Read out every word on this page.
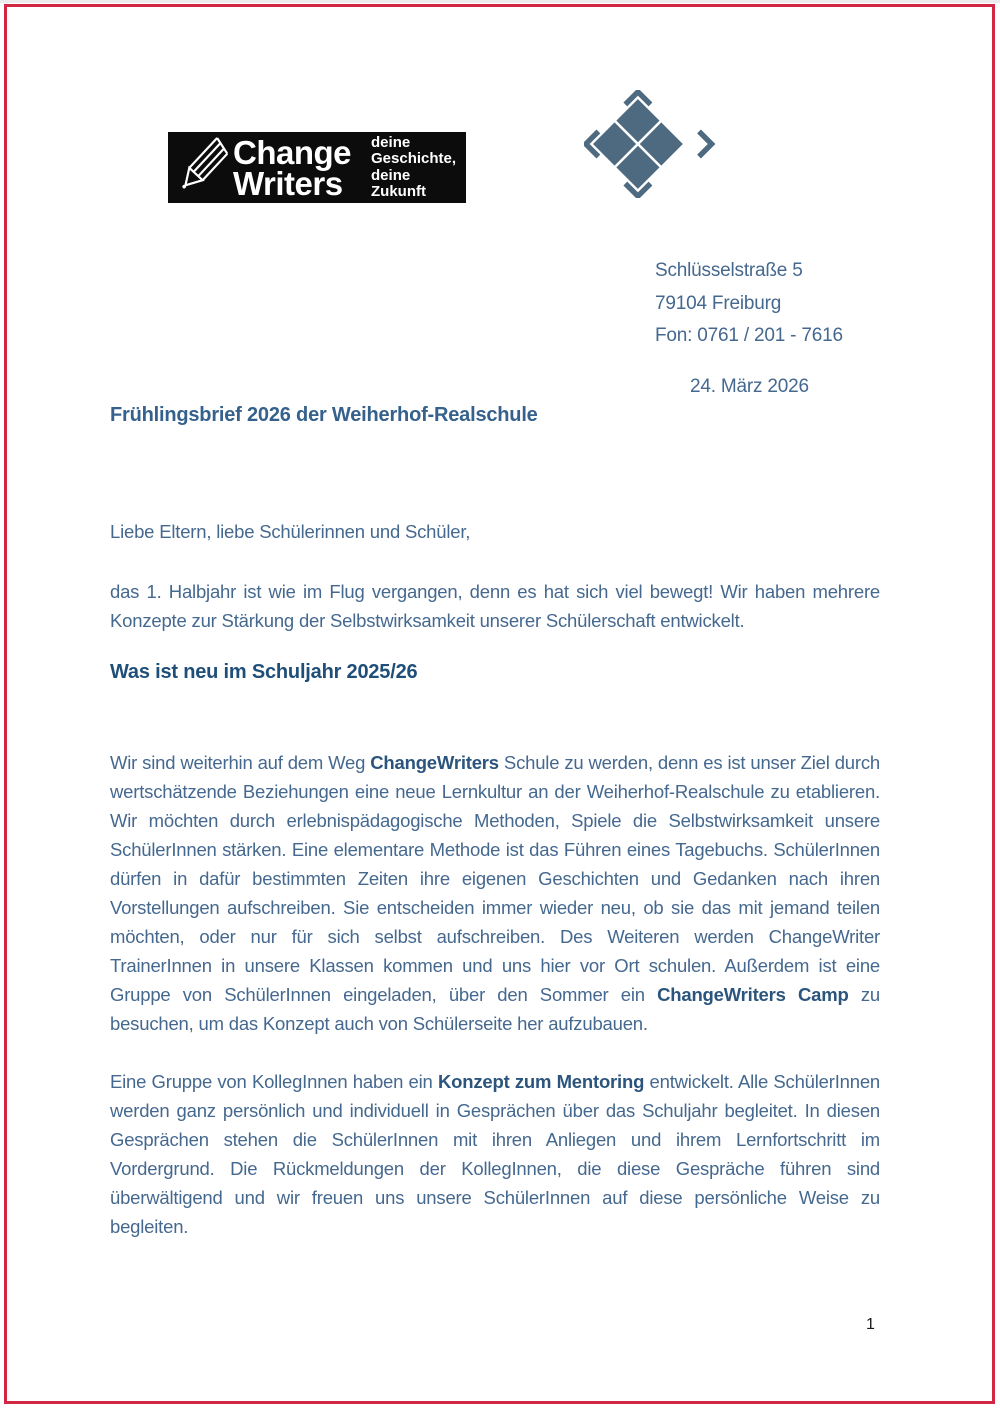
Change
Writers
deine
Geschichte,
deine
Zukunft
Schlüsselstraße 5
79104 Freiburg
Fon: 0761 / 201 - 7616
24. März 2026
Frühlingsbrief 2026 der Weiherhof-Realschule
Liebe Eltern, liebe Schülerinnen und Schüler,

das 1. Halbjahr ist wie im Flug vergangen, denn es hat sich viel bewegt! Wir haben mehrere Konzepte zur Stärkung der Selbstwirksamkeit unserer Schülerschaft entwickelt.

Was ist neu im Schuljahr 2025/26

Wir sind weiterhin auf dem Weg ChangeWriters Schule zu werden, denn es ist unser Ziel durch wertschätzende Beziehungen eine neue Lernkultur an der Weiherhof-Realschule zu etablieren. Wir möchten durch erlebnispädagogische Methoden, Spiele die Selbstwirksamkeit unsere SchülerInnen stärken. Eine elementare Methode ist das Führen eines Tagebuchs. SchülerInnen dürfen in dafür bestimmten Zeiten ihre eigenen Geschichten und Gedanken nach ihren Vorstellungen aufschreiben. Sie entscheiden immer wieder neu, ob sie das mit jemand teilen möchten, oder nur für sich selbst aufschreiben. Des Weiteren werden ChangeWriter TrainerInnen in unsere Klassen kommen und uns hier vor Ort schulen. Außerdem ist eine Gruppe von SchülerInnen eingeladen, über den Sommer ein ChangeWriters Camp zu besuchen, um das Konzept auch von Schülerseite her aufzubauen.

Eine Gruppe von KollegInnen haben ein Konzept zum Mentoring entwickelt. Alle SchülerInnen werden ganz persönlich und individuell in Gesprächen über das Schuljahr begleitet. In diesen Gesprächen stehen die SchülerInnen mit ihren Anliegen und ihrem Lernfortschritt im Vordergrund. Die Rückmeldungen der KollegInnen, die diese Gespräche führen sind überwältigend und wir freuen uns unsere SchülerInnen auf diese persönliche Weise zu begleiten.

1
